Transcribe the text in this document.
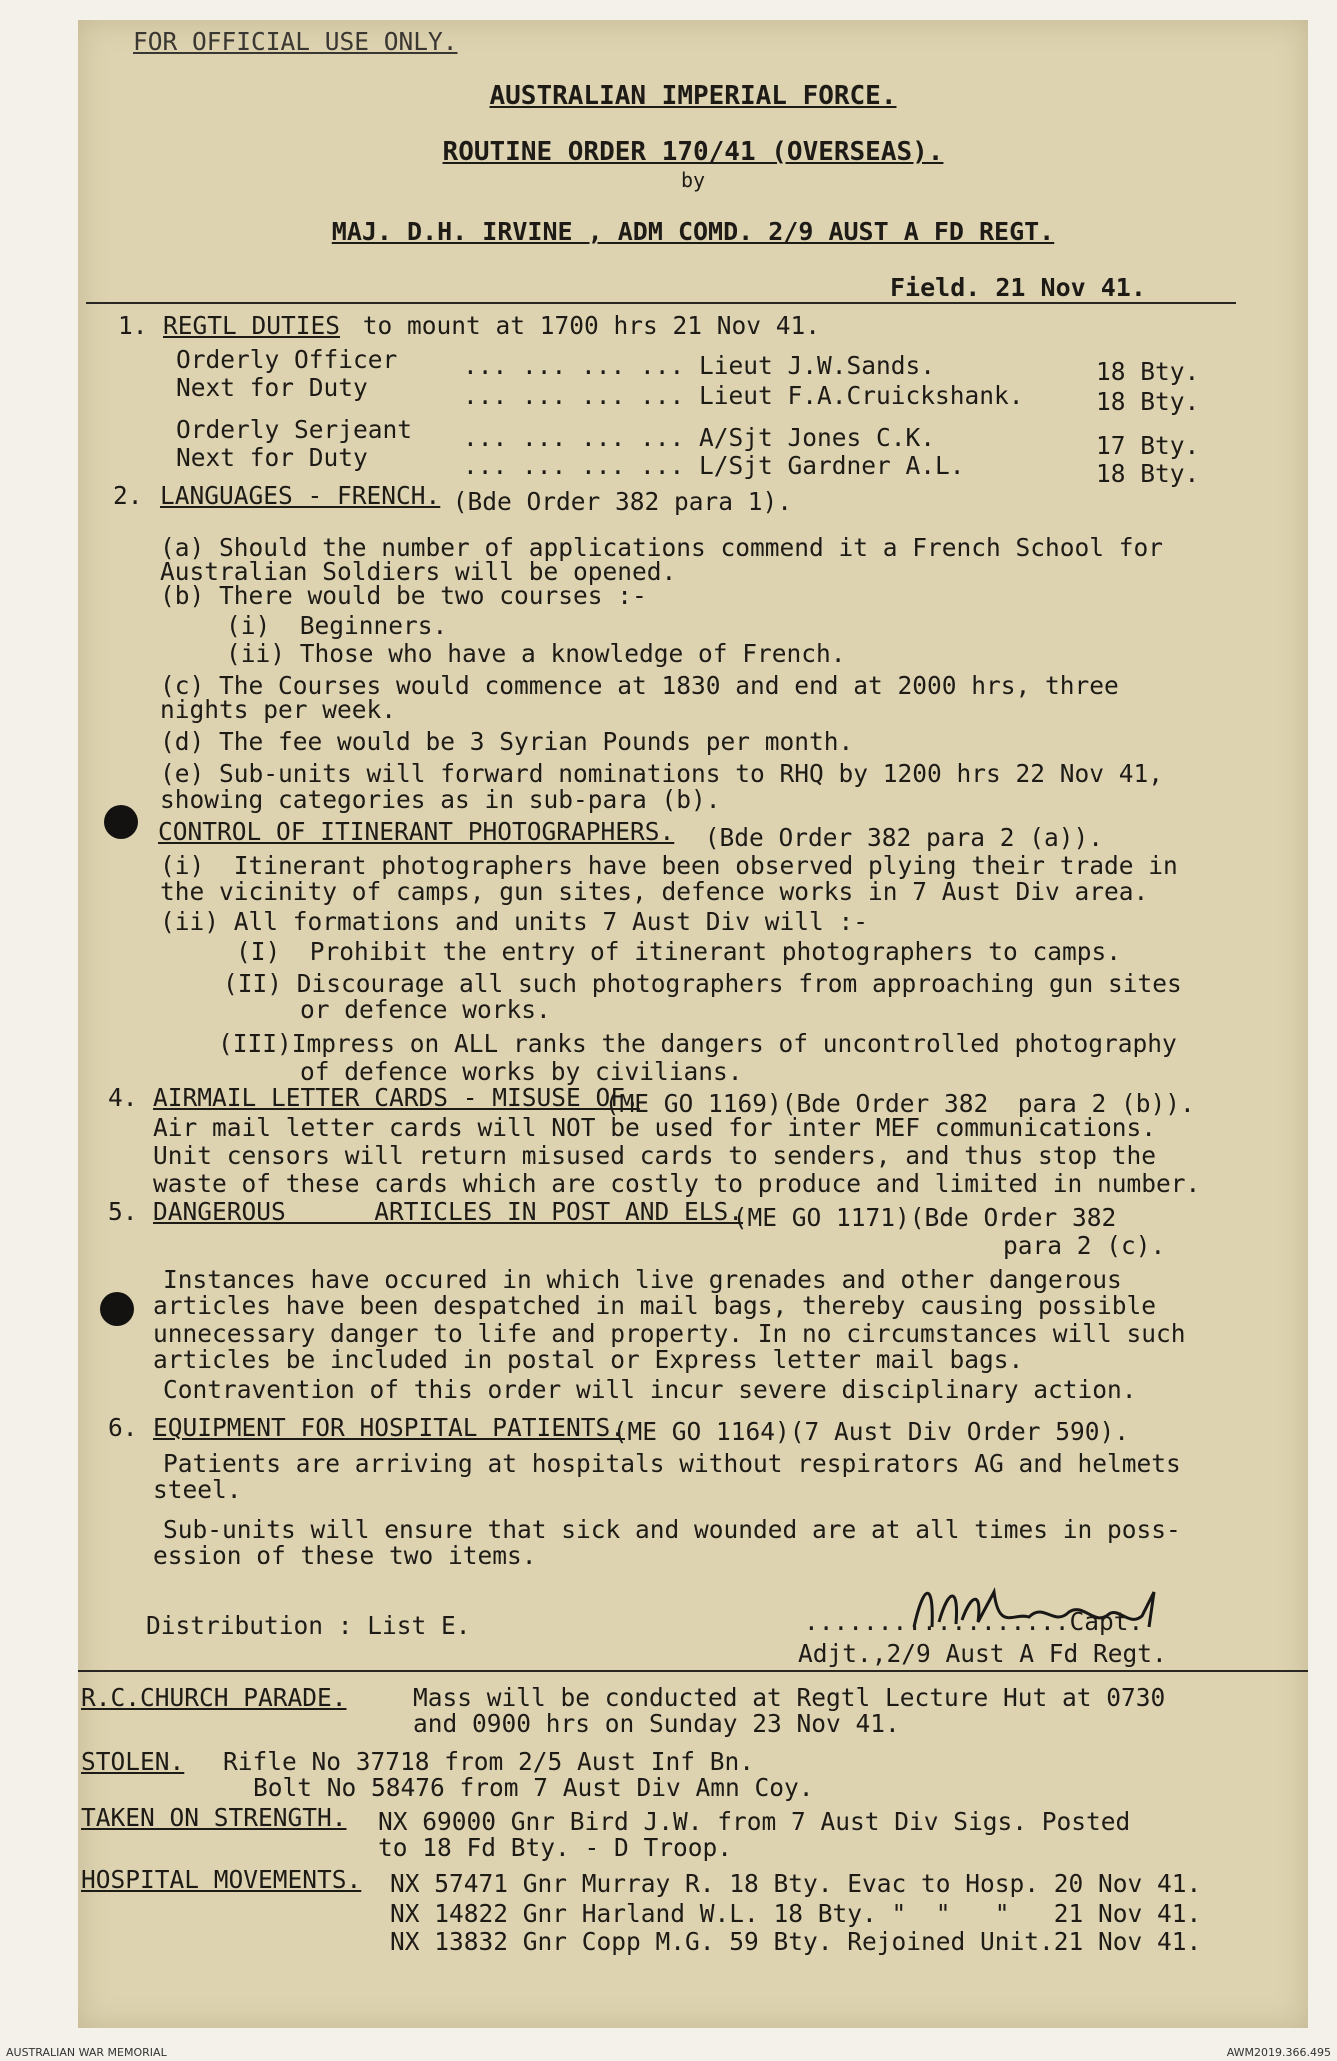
FOR OFFICIAL USE ONLY.
AUSTRALIAN IMPERIAL FORCE.
ROUTINE ORDER 170/41 (OVERSEAS).
by
MAJ. D.H. IRVINE , ADM COMD. 2/9 AUST A FD REGT.
Field. 21 Nov 41.
1. REGTL DUTIES to mount at 1700 hrs 21 Nov 41.
Orderly Officer	... ... ... ... Lieut J.W.Sands.	18 Bty.
Next for Duty	... ... ... ... Lieut F.A.Cruickshank.	18 Bty.
Orderly Serjeant ... ... ... ... A/Sjt Jones C.K.	17 Bty.
Next for Duty	... ... ... ... L/Sjt Gardner A.L.	18 Bty.
2. LANGUAGES - FRENCH.
(Bde Order 382 para 1).
(a) Should the number of applications commend it a French School for
Australian Soldiers will be opened.
(b) There would be two courses :-
(i)  Beginners.
(ii) Those who have a knowledge of French.
(c) The Courses would commence at 1830 and end at 2000 hrs, three
nights per week.
(d) The fee would be 3 Syrian Pounds per month.
(e) Sub-units will forward nominations to RHQ by 1200 hrs 22 Nov 41,
showing categories as in sub-para (b).
CONTROL OF ITINERANT PHOTOGRAPHERS. (Bde Order 382 para 2 (a)).
(i)  Itinerant photographers have been observed plying their trade in
the vicinity of camps, gun sites, defence works in 7 Aust Div area.
(ii) All formations and units 7 Aust Div will :-
(I)  Prohibit the entry of itinerant photographers to camps.
(II) Discourage all such photographers from approaching gun sites
or defence works.
(III)Impress on ALL ranks the dangers of uncontrolled photography
of defence works by civilians.
4. AIRMAIL LETTER CARDS - MISUSE OF.
(ME GO 1169)(Bde Order 382  para 2 (b)).
Air mail letter cards will NOT be used for inter MEF communications.
Unit censors will return misused cards to senders, and thus stop the
waste of these cards which are costly to produce and limited in number.
5. DANGEROUS      ARTICLES IN POST AND ELS.
(ME GO 1171)(Bde Order 382
para 2 (c).
Instances have occured in which live grenades and other dangerous
articles have been despatched in mail bags, thereby causing possible
unnecessary danger to life and property. In no circumstances will such
articles be included in postal or Express letter mail bags.
Contravention of this order will incur severe disciplinary action.
6. EQUIPMENT FOR HOSPITAL PATIENTS.
(ME GO 1164)(7 Aust Div Order 590).
Patients are arriving at hospitals without respirators AG and helmets
steel.
Sub-units will ensure that sick and wounded are at all times in poss-
ession of these two items.
Distribution : List E.	..................Capt.
Adjt.,2/9 Aust A Fd Regt.
R.C.CHURCH PARADE.	Mass will be conducted at Regtl Lecture Hut at 0730
and 0900 hrs on Sunday 23 Nov 41.
STOLEN. Rifle No 37718 from 2/5 Aust Inf Bn.
Bolt No 58476 from 7 Aust Div Amn Coy.
TAKEN ON STRENGTH. NX 69000 Gnr Bird J.W. from 7 Aust Div Sigs. Posted
to 18 Fd Bty. - D Troop.
HOSPITAL MOVEMENTS. NX 57471 Gnr Murray R. 18 Bty. Evac to Hosp. 20 Nov 41.
NX 14822 Gnr Harland W.L. 18 Bty. "  "   "   21 Nov 41.
NX 13832 Gnr Copp M.G. 59 Bty. Rejoined Unit.21 Nov 41.
AUSTRALIAN WAR MEMORIAL	AWM2019.366.495
